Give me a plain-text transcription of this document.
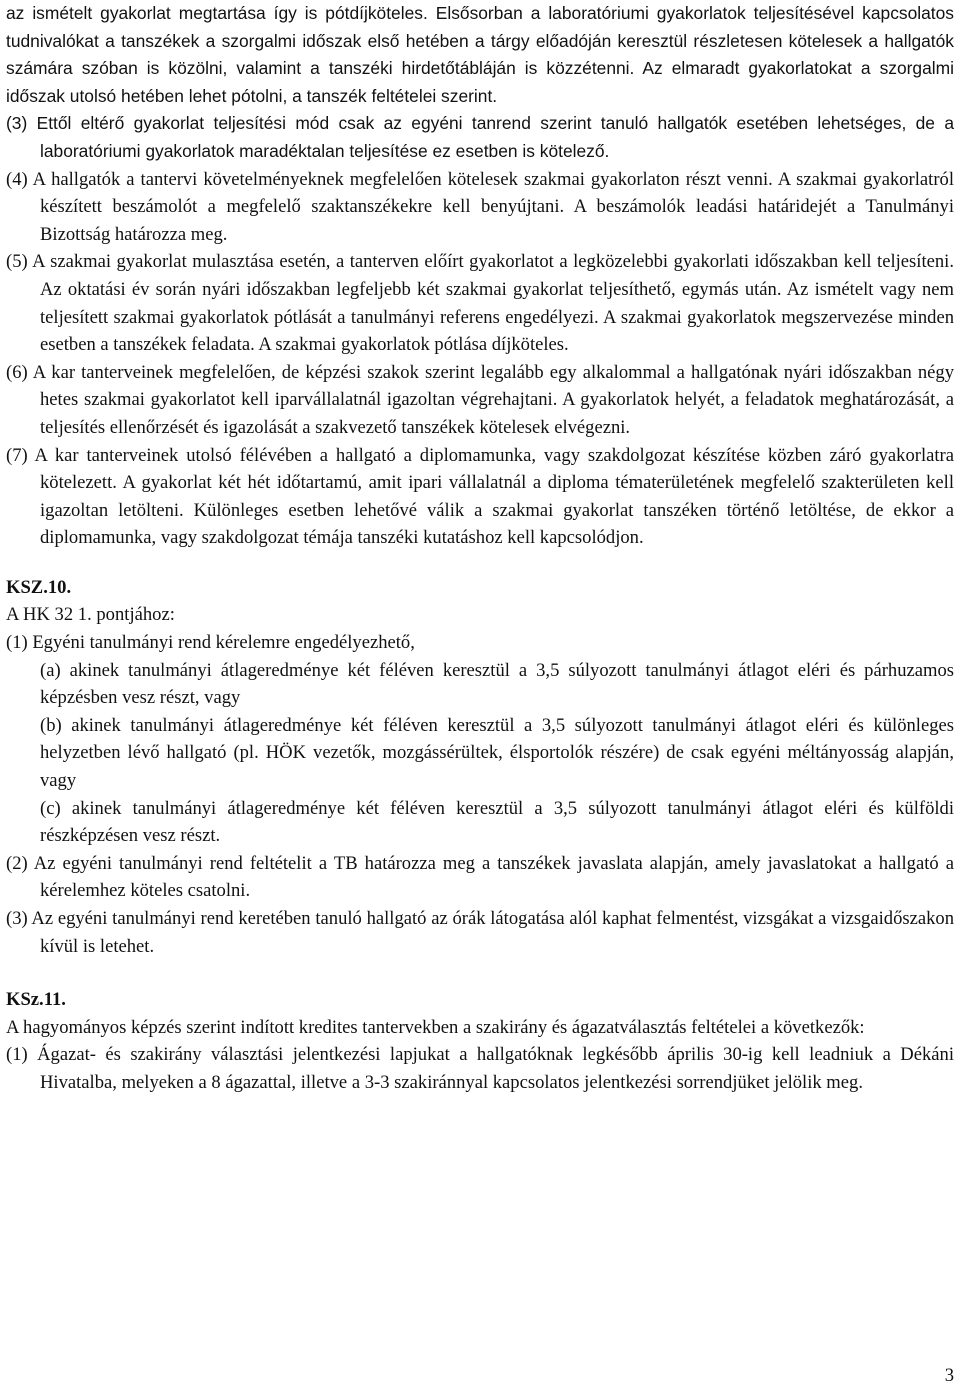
az ismételt gyakorlat megtartása így is pótdíjköteles. Elsősorban a laboratóriumi gyakorlatok teljesítésével kapcsolatos tudnivalókat a tanszékek a szorgalmi időszak első hetében a tárgy előadóján keresztül részletesen kötelesek a hallgatók számára szóban is közölni, valamint a tanszéki hirdetőtábláján is közzétenni. Az elmaradt gyakorlatokat a szorgalmi időszak utolsó hetében lehet pótolni, a tanszék feltételei szerint.

(3) Ettől eltérő gyakorlat teljesítési mód csak az egyéni tanrend szerint tanuló hallgatók esetében lehetséges, de a laboratóriumi gyakorlatok maradéktalan teljesítése ez esetben is kötelező.

(4) A hallgatók a tantervi követelményeknek megfelelően kötelesek szakmai gyakorlaton részt venni. A szakmai gyakorlatról készített beszámolót a megfelelő szaktanszékekre kell benyújtani. A beszámolók leadási határidejét a Tanulmányi Bizottság határozza meg.

(5) A szakmai gyakorlat mulasztása esetén, a tanterven előírt gyakorlatot a legközelebbi gyakorlati időszakban kell teljesíteni. Az oktatási év során nyári időszakban legfeljebb két szakmai gyakorlat teljesíthető, egymás után. Az ismételt vagy nem teljesített szakmai gyakorlatok pótlását a tanulmányi referens engedélyezi. A szakmai gyakorlatok megszervezése minden esetben a tanszékek feladata. A szakmai gyakorlatok pótlása díjköteles.

(6) A kar tanterveinek megfelelően, de képzési szakok szerint legalább egy alkalommal a hallgatónak nyári időszakban négy hetes szakmai gyakorlatot kell iparvállalatnál igazoltan végrehajtani. A gyakorlatok helyét, a feladatok meghatározását, a teljesítés ellenőrzését és igazolását a szakvezető tanszékek kötelesek elvégezni.

(7) A kar tanterveinek utolsó félévében a hallgató a diplomamunka, vagy szakdolgozat készítése közben záró gyakorlatra kötelezett. A gyakorlat két hét időtartamú, amit ipari vállalatnál a diploma tématerületének megfelelő szakterületen kell igazoltan letölteni. Különleges esetben lehetővé válik a szakmai gyakorlat tanszéken történő letöltése, de ekkor a diplomamunka, vagy szakdolgozat témája tanszéki kutatáshoz kell kapcsolódjon.

KSZ.10.

A HK 32 1. pontjához:

(1) Egyéni tanulmányi rend kérelemre engedélyezhető,

(a) akinek tanulmányi átlageredménye két féléven keresztül a 3,5 súlyozott tanulmányi átlagot eléri és párhuzamos képzésben vesz részt, vagy

(b) akinek tanulmányi átlageredménye két féléven keresztül a 3,5 súlyozott tanulmányi átlagot eléri és különleges helyzetben lévő hallgató (pl. HÖK vezetők, mozgássérültek, élsportolók részére) de csak egyéni méltányosság alapján, vagy

(c) akinek tanulmányi átlageredménye két féléven keresztül a 3,5 súlyozott tanulmányi átlagot eléri és külföldi részképzésen vesz részt.

(2) Az egyéni tanulmányi rend feltételit a TB határozza meg a tanszékek javaslata alapján, amely javaslatokat a hallgató a kérelemhez köteles csatolni.

(3) Az egyéni tanulmányi rend keretében tanuló hallgató az órák látogatása alól kaphat felmentést, vizsgákat a vizsgaidőszakon kívül is letehet.

KSz.11.

A hagyományos képzés szerint indított kredites tantervekben a szakirány és ágazatválasztás feltételei a következők:

(1) Ágazat- és szakirány választási jelentkezési lapjukat a hallgatóknak legkésőbb április 30-ig kell leadniuk a Dékáni Hivatalba, melyeken a 8 ágazattal, illetve a 3-3 szakiránnyal kapcsolatos jelentkezési sorrendjüket jelölik meg.

3
